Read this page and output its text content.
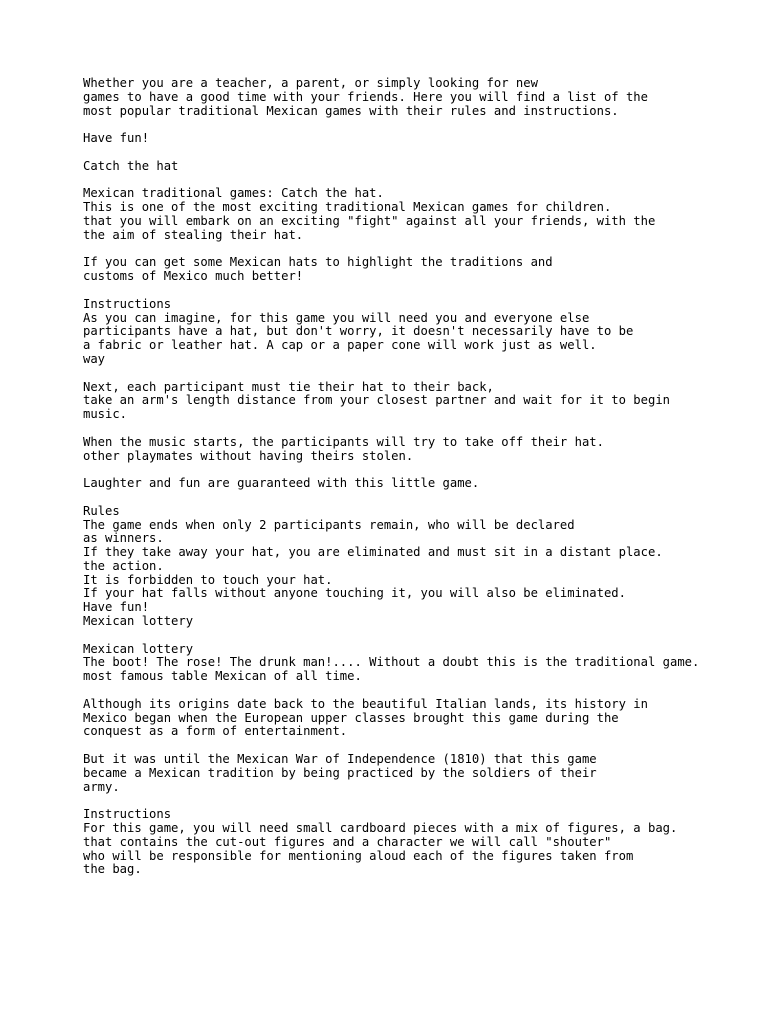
Whether you are a teacher, a parent, or simply looking for new
games to have a good time with your friends. Here you will find a list of the
most popular traditional Mexican games with their rules and instructions.
Have fun!
Catch the hat
Mexican traditional games: Catch the hat.
This is one of the most exciting traditional Mexican games for children.
that you will embark on an exciting "fight" against all your friends, with the
the aim of stealing their hat.
If you can get some Mexican hats to highlight the traditions and
customs of Mexico much better!
Instructions
As you can imagine, for this game you will need you and everyone else
participants have a hat, but don't worry, it doesn't necessarily have to be
a fabric or leather hat. A cap or a paper cone will work just as well.
way
Next, each participant must tie their hat to their back,
take an arm's length distance from your closest partner and wait for it to begin
music.
When the music starts, the participants will try to take off their hat.
other playmates without having theirs stolen.
Laughter and fun are guaranteed with this little game.
Rules
The game ends when only 2 participants remain, who will be declared
as winners.
If they take away your hat, you are eliminated and must sit in a distant place.
the action.
It is forbidden to touch your hat.
If your hat falls without anyone touching it, you will also be eliminated.
Have fun!
Mexican lottery
Mexican lottery
The boot! The rose! The drunk man!.... Without a doubt this is the traditional game.
most famous table Mexican of all time.
Although its origins date back to the beautiful Italian lands, its history in
Mexico began when the European upper classes brought this game during the
conquest as a form of entertainment.
But it was until the Mexican War of Independence (1810) that this game
became a Mexican tradition by being practiced by the soldiers of their
army.
Instructions
For this game, you will need small cardboard pieces with a mix of figures, a bag.
that contains the cut-out figures and a character we will call "shouter"
who will be responsible for mentioning aloud each of the figures taken from
the bag.
